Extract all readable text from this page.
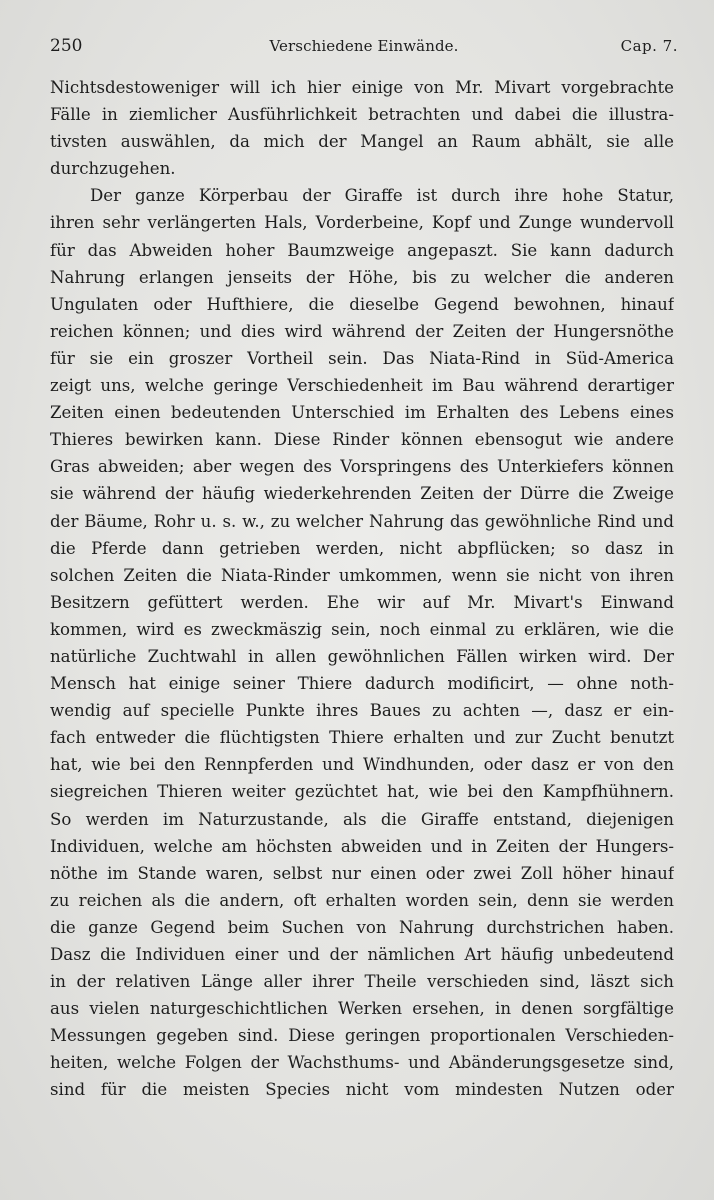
250	Verschiedene Einwände.	Cap. 7.
Nichtsdestoweniger will ich hier einige von Mr. Mivart vorgebrachte
Fälle in ziemlicher Ausführlichkeit betrachten und dabei die illustra-
tivsten auswählen, da mich der Mangel an Raum abhält, sie alle
durchzugehen.
Der ganze Körperbau der Giraffe ist durch ihre hohe Statur,
ihren sehr verlängerten Hals, Vorderbeine, Kopf und Zunge wundervoll
für das Abweiden hoher Baumzweige angepaszt. Sie kann dadurch
Nahrung erlangen jenseits der Höhe, bis zu welcher die anderen
Ungulaten oder Hufthiere, die dieselbe Gegend bewohnen, hinauf
reichen können; und dies wird während der Zeiten der Hungersnöthe
für sie ein groszer Vortheil sein. Das Niata-Rind in Süd-America
zeigt uns, welche geringe Verschiedenheit im Bau während derartiger
Zeiten einen bedeutenden Unterschied im Erhalten des Lebens eines
Thieres bewirken kann. Diese Rinder können ebensogut wie andere
Gras abweiden; aber wegen des Vorspringens des Unterkiefers können
sie während der häufig wiederkehrenden Zeiten der Dürre die Zweige
der Bäume, Rohr u. s. w., zu welcher Nahrung das gewöhnliche Rind und
die Pferde dann getrieben werden, nicht abpflücken; so dasz in
solchen Zeiten die Niata-Rinder umkommen, wenn sie nicht von ihren
Besitzern gefüttert werden. Ehe wir auf Mr. Mivart's Einwand
kommen, wird es zweckmäszig sein, noch einmal zu erklären, wie die
natürliche Zuchtwahl in allen gewöhnlichen Fällen wirken wird. Der
Mensch hat einige seiner Thiere dadurch modificirt, — ohne noth-
wendig auf specielle Punkte ihres Baues zu achten —, dasz er ein-
fach entweder die flüchtigsten Thiere erhalten und zur Zucht benutzt
hat, wie bei den Rennpferden und Windhunden, oder dasz er von den
siegreichen Thieren weiter gezüchtet hat, wie bei den Kampfhühnern.
So werden im Naturzustande, als die Giraffe entstand, diejenigen
Individuen, welche am höchsten abweiden und in Zeiten der Hungers-
nöthe im Stande waren, selbst nur einen oder zwei Zoll höher hinauf
zu reichen als die andern, oft erhalten worden sein, denn sie werden
die ganze Gegend beim Suchen von Nahrung durchstrichen haben.
Dasz die Individuen einer und der nämlichen Art häufig unbedeutend
in der relativen Länge aller ihrer Theile verschieden sind, läszt sich
aus vielen naturgeschichtlichen Werken ersehen, in denen sorgfältige
Messungen gegeben sind. Diese geringen proportionalen Verschieden-
heiten, welche Folgen der Wachsthums- und Abänderungsgesetze sind,
sind für die meisten Species nicht vom mindesten Nutzen oder
